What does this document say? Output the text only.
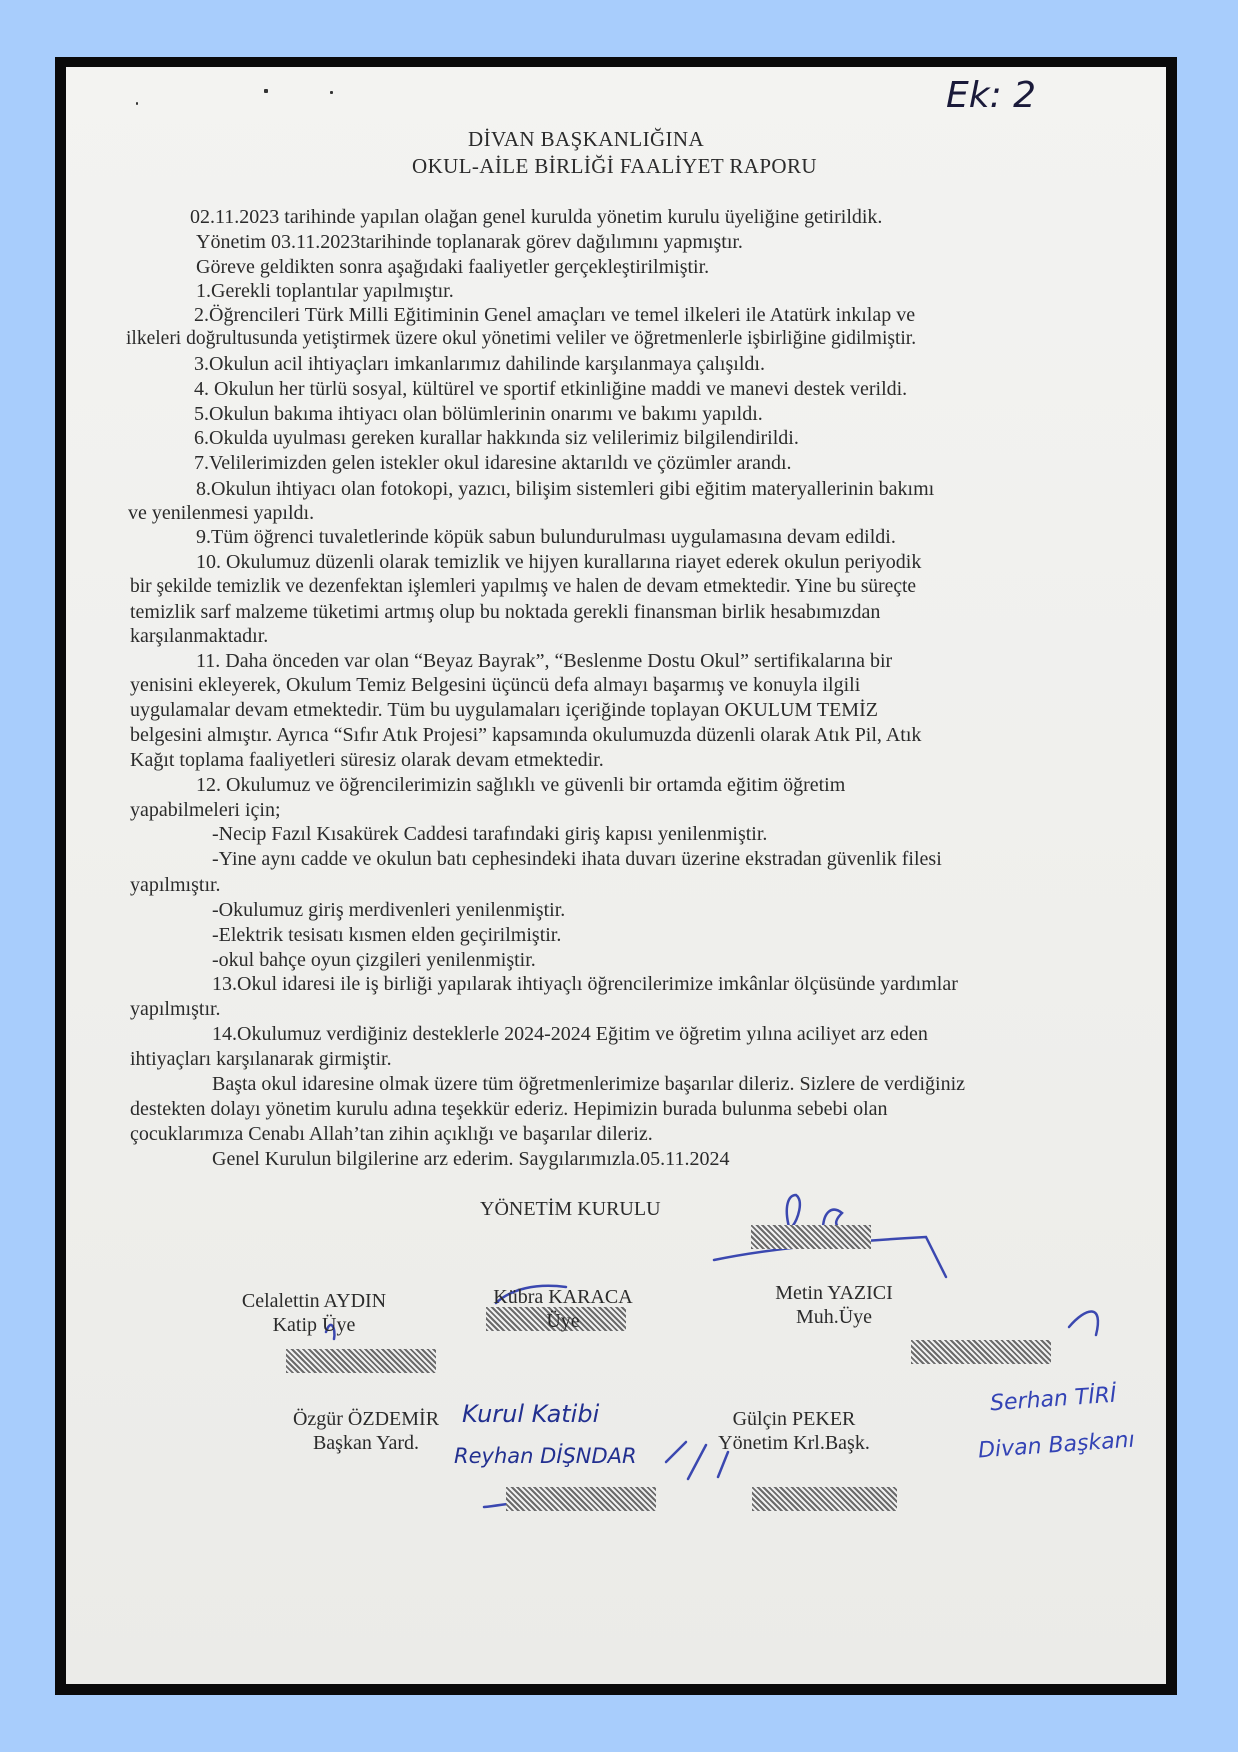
Ek: 2
DİVAN BAŞKANLIĞINA
OKUL-AİLE BİRLİĞİ FAALİYET RAPORU
02.11.2023 tarihinde yapılan olağan genel kurulda yönetim kurulu üyeliğine getirildik.
Yönetim 03.11.2023tarihinde toplanarak görev dağılımını yapmıştır.
Göreve geldikten sonra aşağıdaki faaliyetler gerçekleştirilmiştir.
1.Gerekli toplantılar yapılmıştır.
2.Öğrencileri Türk Milli Eğitiminin Genel amaçları ve temel ilkeleri ile Atatürk inkılap ve
ilkeleri doğrultusunda yetiştirmek üzere okul yönetimi veliler ve öğretmenlerle işbirliğine gidilmiştir.
3.Okulun acil ihtiyaçları imkanlarımız dahilinde karşılanmaya çalışıldı.
4. Okulun her türlü sosyal, kültürel ve sportif etkinliğine maddi ve manevi destek verildi.
5.Okulun bakıma ihtiyacı olan bölümlerinin onarımı ve bakımı yapıldı.
6.Okulda uyulması gereken kurallar hakkında siz velilerimiz bilgilendirildi.
7.Velilerimizden gelen istekler okul idaresine aktarıldı ve çözümler arandı.
8.Okulun ihtiyacı olan fotokopi, yazıcı, bilişim sistemleri gibi eğitim materyallerinin bakımı
ve yenilenmesi yapıldı.
9.Tüm öğrenci tuvaletlerinde köpük sabun bulundurulması uygulamasına devam edildi.
10. Okulumuz düzenli olarak temizlik ve hijyen kurallarına riayet ederek okulun periyodik
bir şekilde temizlik ve dezenfektan işlemleri yapılmış ve halen de devam etmektedir. Yine bu süreçte
temizlik sarf malzeme tüketimi artmış olup bu noktada gerekli finansman birlik hesabımızdan
karşılanmaktadır.
11. Daha önceden var olan “Beyaz Bayrak”, “Beslenme Dostu Okul” sertifikalarına bir
yenisini ekleyerek, Okulum Temiz Belgesini üçüncü defa almayı başarmış ve konuyla ilgili
uygulamalar devam etmektedir. Tüm bu uygulamaları içeriğinde toplayan OKULUM TEMİZ
belgesini almıştır. Ayrıca “Sıfır Atık Projesi” kapsamında okulumuzda düzenli olarak Atık Pil, Atık
Kağıt toplama faaliyetleri süresiz olarak devam etmektedir.
12. Okulumuz ve öğrencilerimizin sağlıklı ve güvenli bir ortamda eğitim öğretim
yapabilmeleri için;
-Necip Fazıl Kısakürek Caddesi tarafındaki giriş kapısı yenilenmiştir.
-Yine aynı cadde ve okulun batı cephesindeki ihata duvarı üzerine ekstradan güvenlik filesi
yapılmıştır.
-Okulumuz giriş merdivenleri yenilenmiştir.
-Elektrik tesisatı kısmen elden geçirilmiştir.
-okul bahçe oyun çizgileri yenilenmiştir.
13.Okul idaresi ile iş birliği yapılarak ihtiyaçlı öğrencilerimize imkânlar ölçüsünde yardımlar
yapılmıştır.
14.Okulumuz verdiğiniz desteklerle 2024-2024 Eğitim ve öğretim yılına aciliyet arz eden
ihtiyaçları karşılanarak girmiştir.
Başta okul idaresine olmak üzere tüm öğretmenlerimize başarılar dileriz. Sizlere de verdiğiniz
destekten dolayı yönetim kurulu adına teşekkür ederiz. Hepimizin burada bulunma sebebi olan
çocuklarımıza Cenabı Allah’tan zihin açıklığı ve başarılar dileriz.
Genel Kurulun bilgilerine arz ederim. Saygılarımızla.05.11.2024
YÖNETİM KURULU
Celalettin AYDIN
Katip Üye
Kübra KARACA
Üye
Metin YAZICI
Muh.Üye
Özgür ÖZDEMİR
Başkan Yard.
Gülçin PEKER
Yönetim Krl.Başk.
Kurul Katibi
Reyhan DİŞNDAR
Serhan TİRİ
Divan Başkanı
